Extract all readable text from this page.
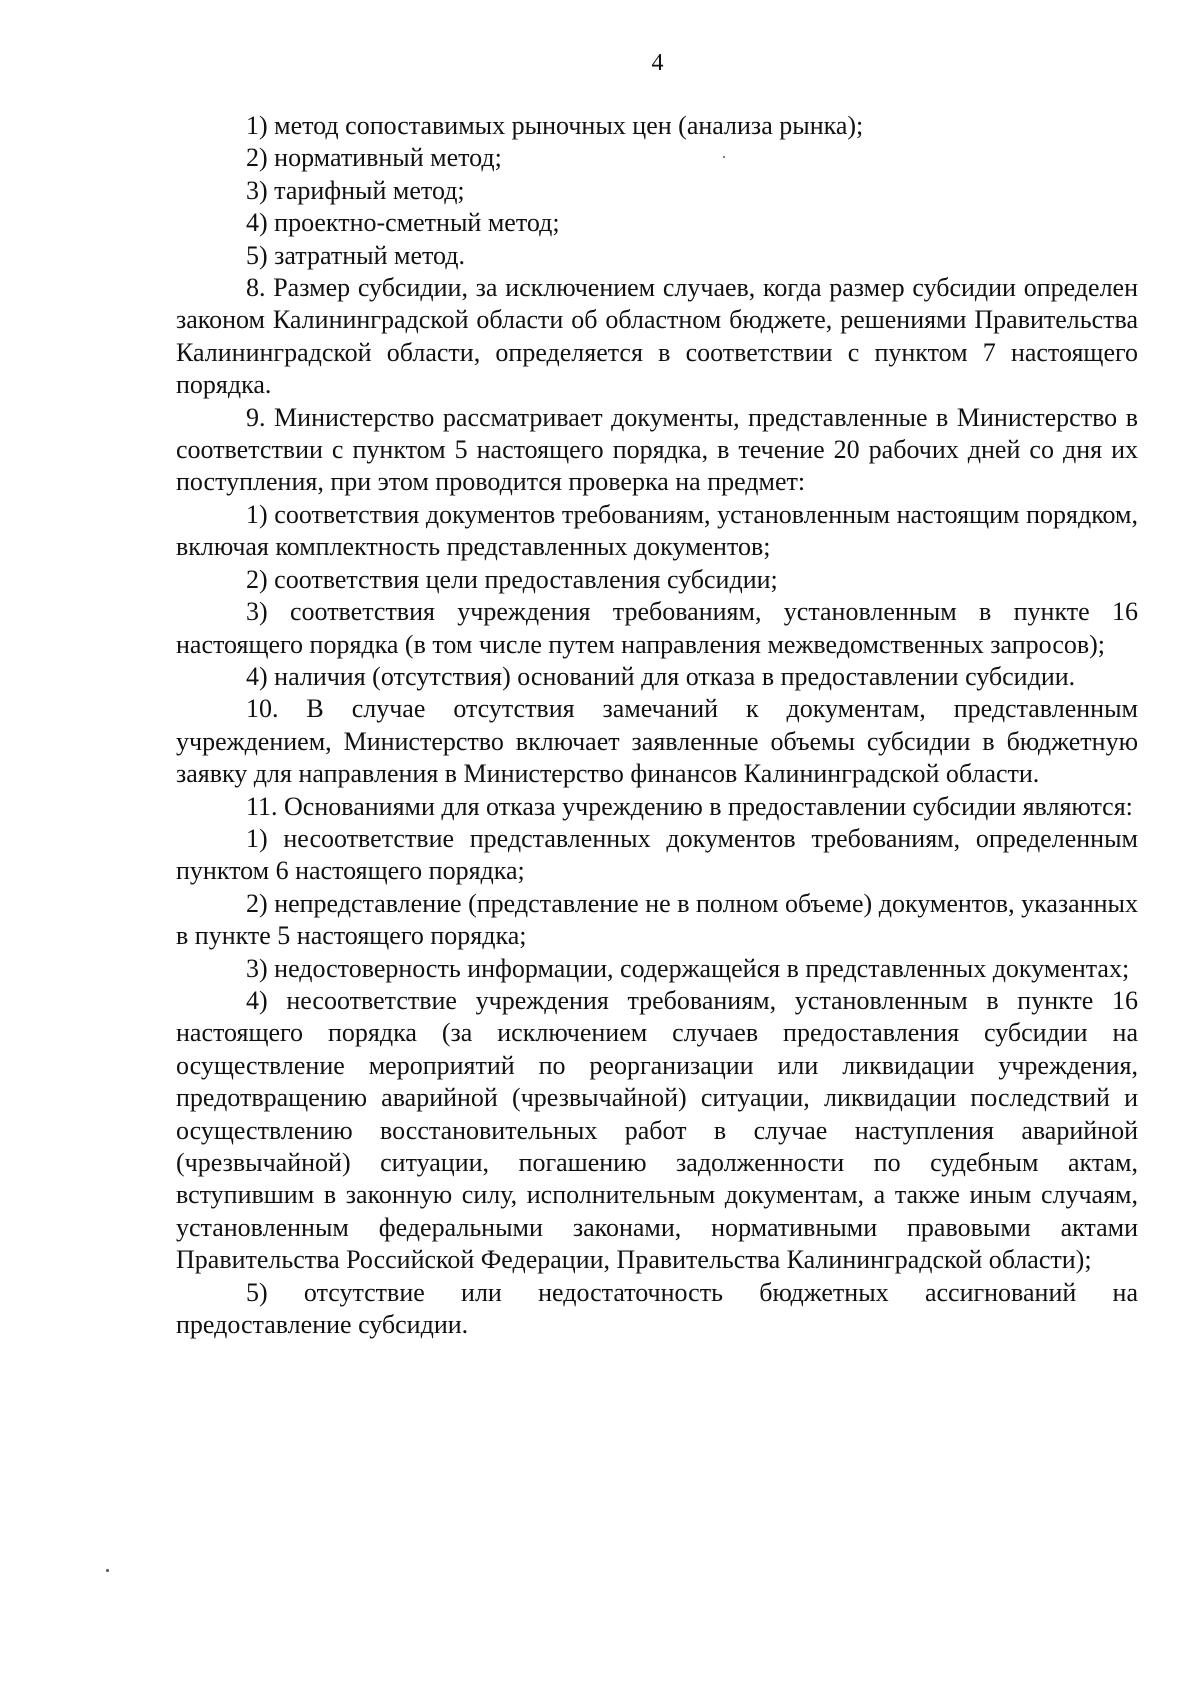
4

1) метод сопоставимых рыночных цен (анализа рынка);

2) нормативный метод;

3) тарифный метод;

4) проектно-сметный метод;

5) затратный метод.

8. Размер субсидии, за исключением случаев, когда размер субсидии определен законом Калининградской области об областном бюджете, решениями Правительства Калининградской области, определяется в соответствии с пунктом 7 настоящего порядка.

9. Министерство рассматривает документы, представленные в Министерство в соответствии с пунктом 5 настоящего порядка, в течение 20 рабочих дней со дня их поступления, при этом проводится проверка на предмет:

1) соответствия документов требованиям, установленным настоящим порядком, включая комплектность представленных документов;

2) соответствия цели предоставления субсидии;

3) соответствия учреждения требованиям, установленным в пункте 16 настоящего порядка (в том числе путем направления межведомственных запросов);

4) наличия (отсутствия) оснований для отказа в предоставлении субсидии.

10. В случае отсутствия замечаний к документам, представленным учреждением, Министерство включает заявленные объемы субсидии в бюджетную заявку для направления в Министерство финансов Калининградской области.

11. Основаниями для отказа учреждению в предоставлении субсидии являются:

1) несоответствие представленных документов требованиям, определенным пунктом 6 настоящего порядка;

2) непредставление (представление не в полном объеме) документов, указанных в пункте 5 настоящего порядка;

3) недостоверность информации, содержащейся в представленных документах;

4) несоответствие учреждения требованиям, установленным в пункте 16 настоящего порядка (за исключением случаев предоставления субсидии на осуществление мероприятий по реорганизации или ликвидации учреждения, предотвращению аварийной (чрезвычайной) ситуации, ликвидации последствий и осуществлению восстановительных работ в случае наступления аварийной (чрезвычайной) ситуации, погашению задолженности по судебным актам, вступившим в законную силу, исполнительным документам, а также иным случаям, установленным федеральными законами, нормативными правовыми актами Правительства Российской Федерации, Правительства Калининградской области);

5) отсутствие или недостаточность бюджетных ассигнований на предоставление субсидии.
